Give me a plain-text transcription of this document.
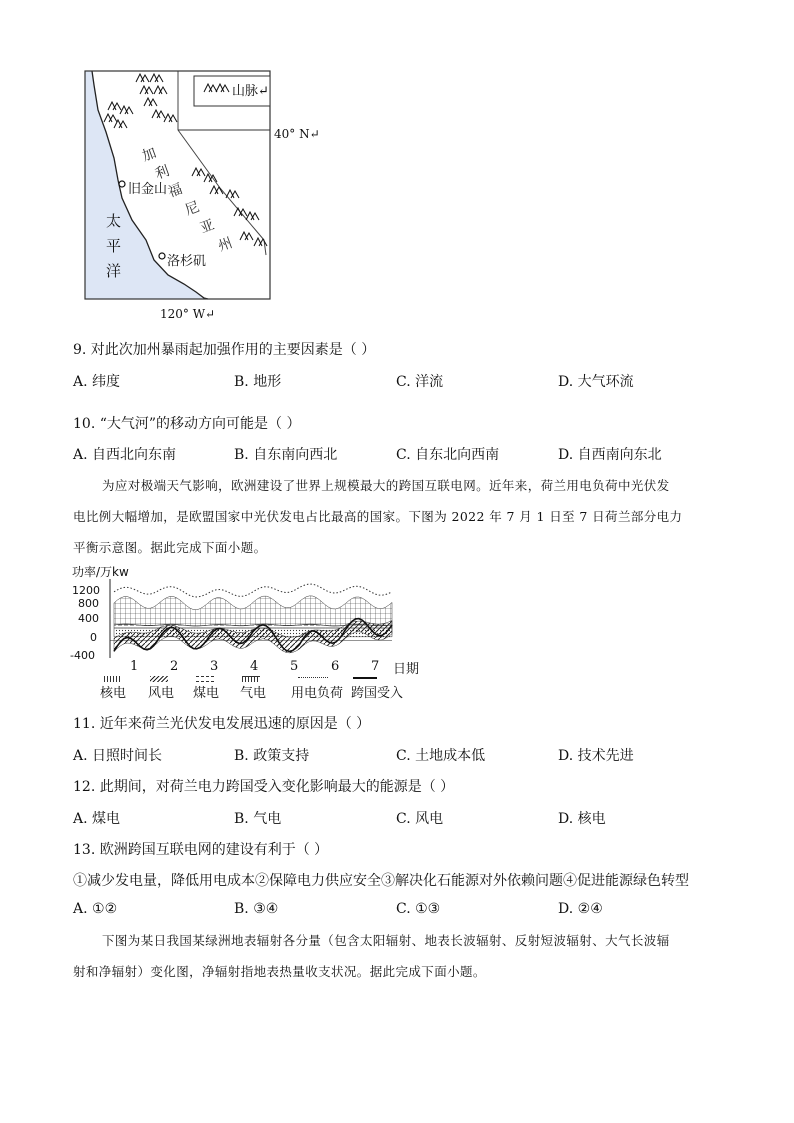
山脉↵
40° N↵
120° W↵
旧金山
洛杉矶
加
利
福
尼
亚
州
太
平
洋
9. 对此次加州暴雨起加强作用的主要因素是（ ）
A. 纬度	B. 地形	C. 洋流	D. 大气环流
10. “大气河”的移动方向可能是（ ）
A. 自西北向东南	B. 自东南向西北	C. 自东北向西南	D. 自西南向东北
为应对极端天气影响，欧洲建设了世界上规模最大的跨国互联电网。近年来，荷兰用电负荷中光伏发
电比例大幅增加，是欧盟国家中光伏发电占比最高的国家。下图为 2022 年 7 月 1 日至 7 日荷兰部分电力
平衡示意图。据此完成下面小题。
功率/万kw
1200
800
400
0
-400
1 2 3 4 5	6 7 日期
核电 风电 煤电 气电 用电负荷 跨国受入
11. 近年来荷兰光伏发电发展迅速的原因是（ ）
A. 日照时间长	B. 政策支持	C. 土地成本低	D. 技术先进
12. 此期间，对荷兰电力跨国受入变化影响最大的能源是（ ）
A. 煤电	B. 气电	C. 风电	D. 核电
13. 欧洲跨国互联电网的建设有利于（ ）
①减少发电量，降低用电成本②保障电力供应安全③解决化石能源对外依赖问题④促进能源绿色转型
A. ①②	B. ③④	C. ①③	D. ②④
下图为某日我国某绿洲地表辐射各分量（包含太阳辐射、地表长波辐射、反射短波辐射、大气长波辐
射和净辐射）变化图，净辐射指地表热量收支状况。据此完成下面小题。
